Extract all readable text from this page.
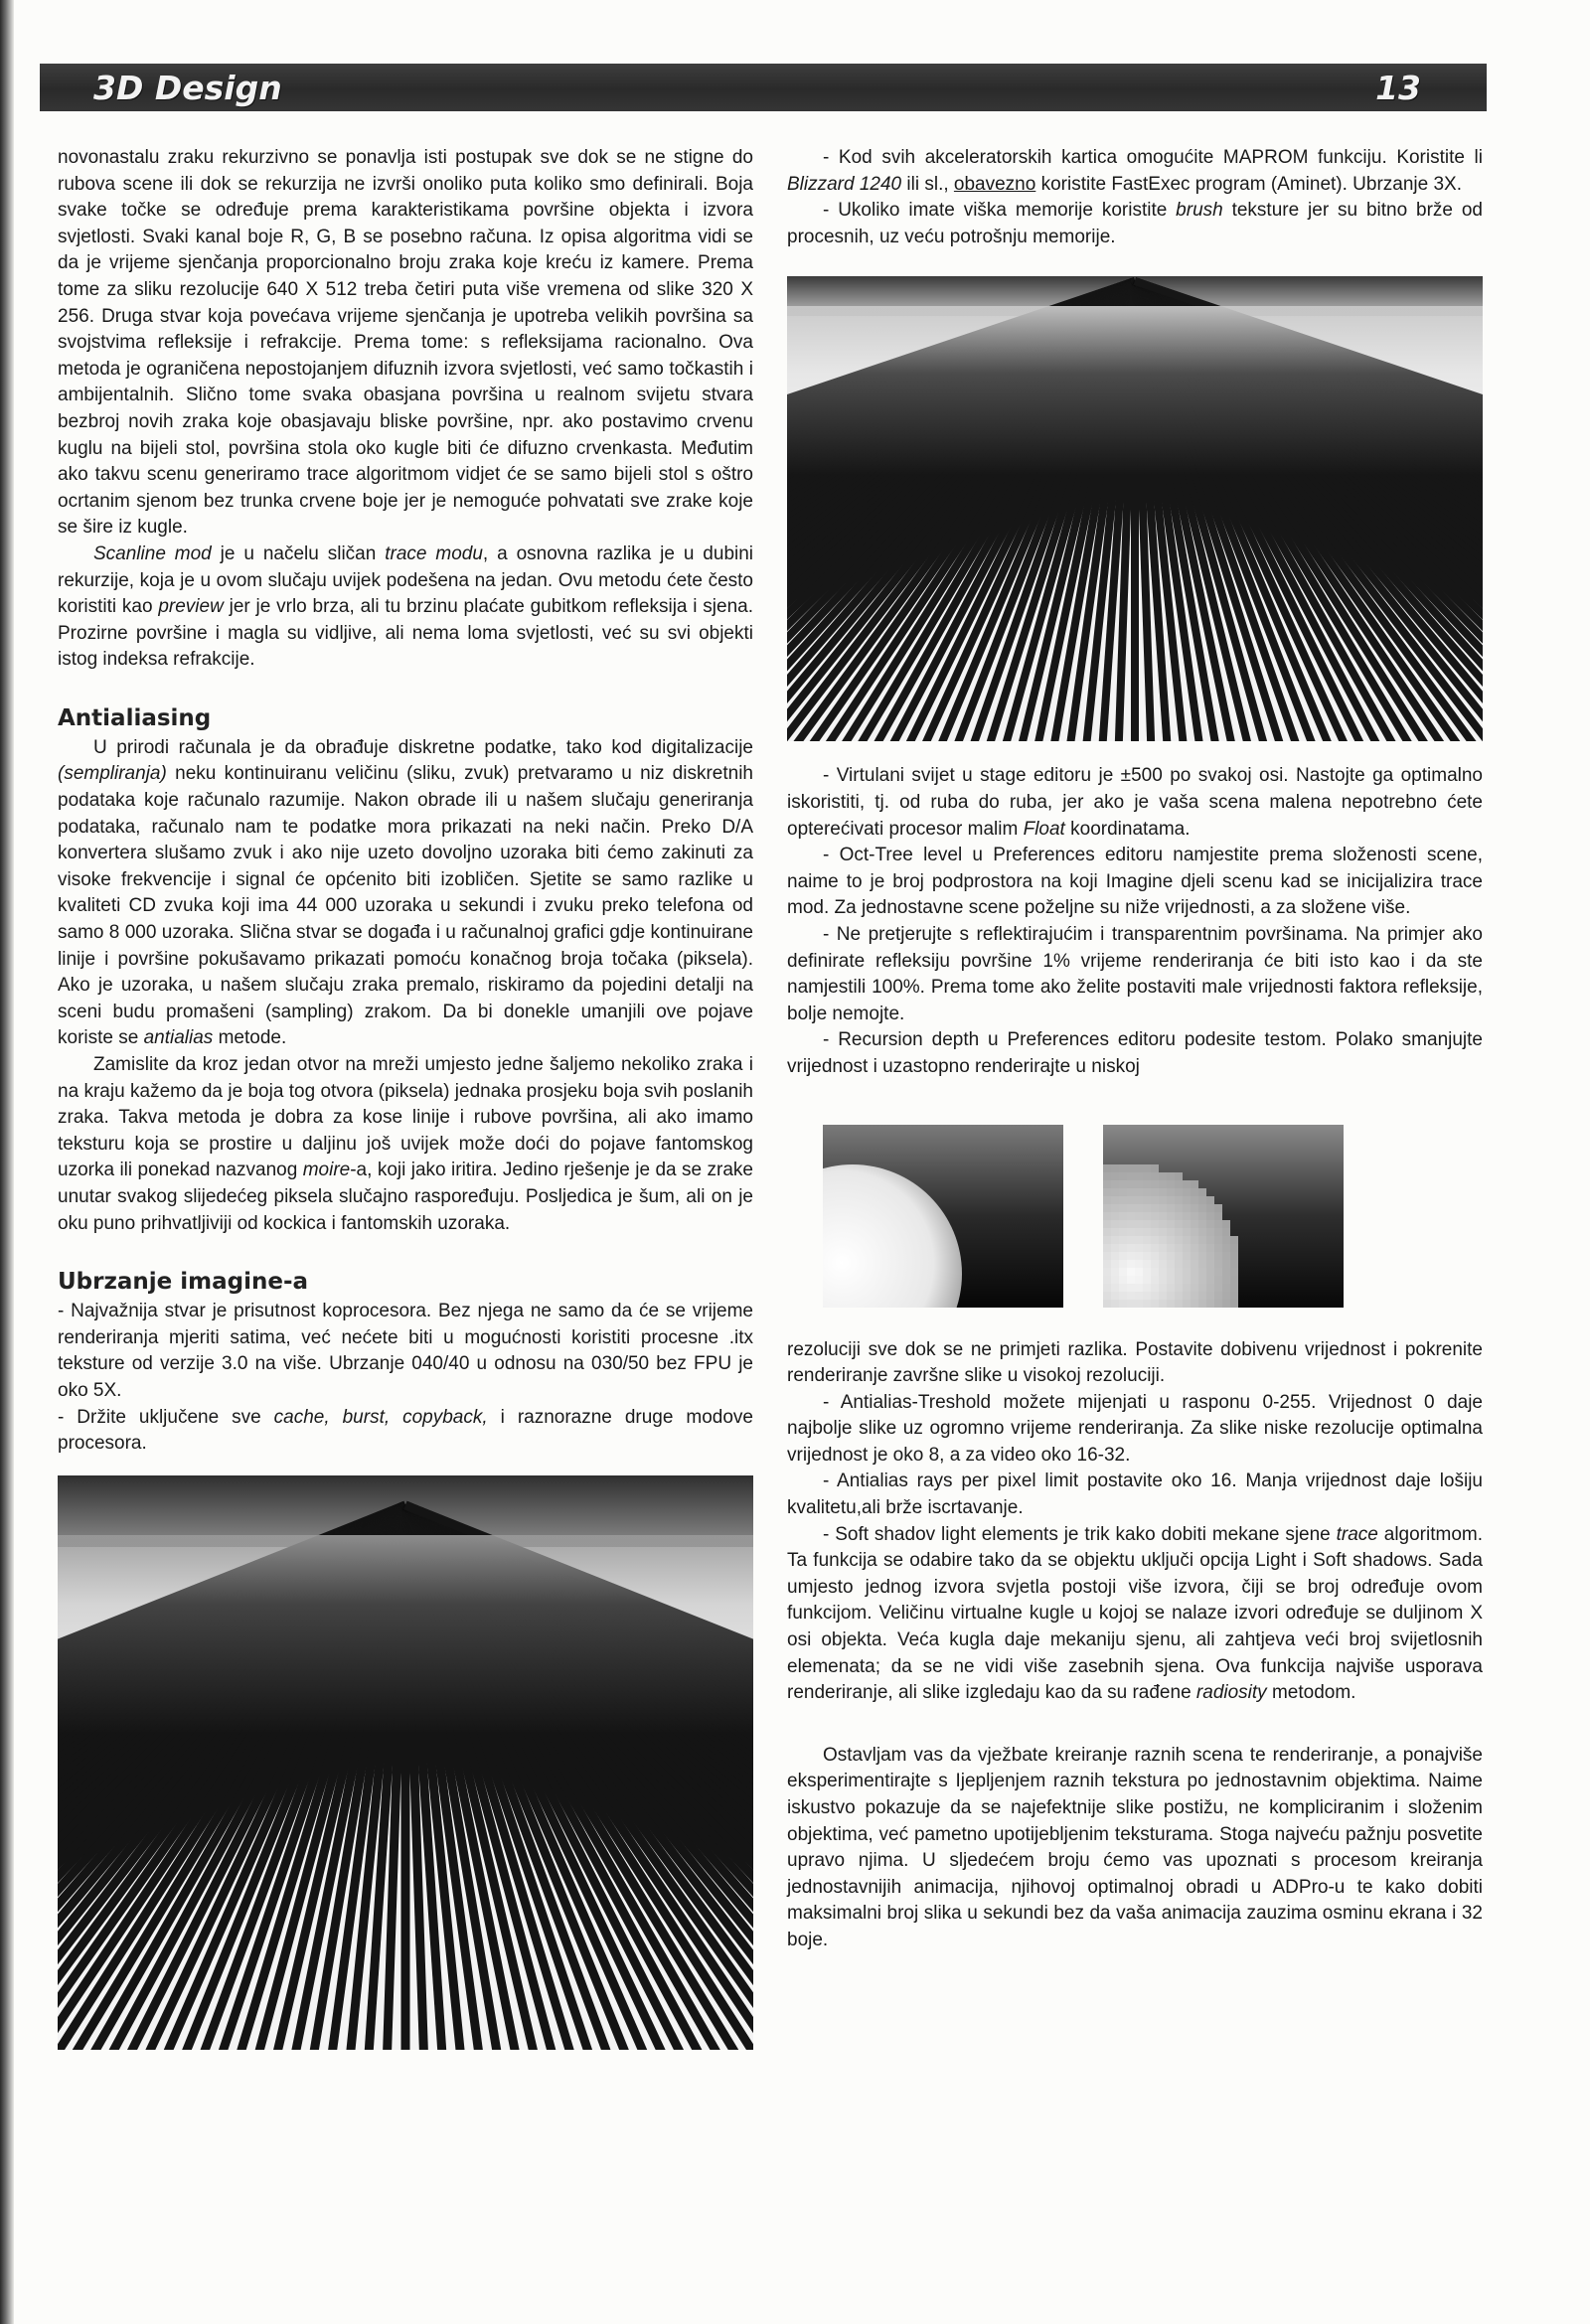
3D Design	13

novonastalu zraku rekurzivno se ponavlja isti postupak sve dok se ne stigne do rubova scene ili dok se rekurzija ne izvrši onoliko puta koliko smo definirali. Boja svake točke se određuje prema karakteristikama površine objekta i izvora svjetlosti. Svaki kanal boje R, G, B se posebno računa. Iz opisa algoritma vidi se da je vrijeme sjenčanja proporcionalno broju zraka koje kreću iz kamere. Prema tome za sliku rezolucije 640 X 512 treba četiri puta više vremena od slike 320 X 256. Druga stvar koja povećava vrijeme sjenčanja je upotreba velikih površina sa svojstvima refleksije i refrakcije. Prema tome: s refleksijama racionalno. Ova metoda je ograničena nepostojanjem difuznih izvora svjetlosti, već samo točkastih i ambijentalnih. Slično tome svaka obasjana površina u realnom svijetu stvara bezbroj novih zraka koje obasjavaju bliske površine, npr. ako postavimo crvenu kuglu na bijeli stol, površina stola oko kugle biti će difuzno crvenkasta. Međutim ako takvu scenu generiramo trace algoritmom vidjet će se samo bijeli stol s oštro ocrtanim sjenom bez trunka crvene boje jer je nemoguće pohvatati sve zrake koje se šire iz kugle.

Scanline mod je u načelu sličan trace modu, a osnovna razlika je u dubini rekurzije, koja je u ovom slučaju uvijek podešena na jedan. Ovu metodu ćete često koristiti kao preview jer je vrlo brza, ali tu brzinu plaćate gubitkom refleksija i sjena. Prozirne površine i magla su vidljive, ali nema loma svjetlosti, već su svi objekti istog indeksa refrakcije.

Antialiasing

U prirodi računala je da obrađuje diskretne podatke, tako kod digitalizacije (sempliranja) neku kontinuiranu veličinu (sliku, zvuk) pretvaramo u niz diskretnih podataka koje računalo razumije. Nakon obrade ili u našem slučaju generiranja podataka, računalo nam te podatke mora prikazati na neki način. Preko D/A konvertera slušamo zvuk i ako nije uzeto dovoljno uzoraka biti ćemo zakinuti za visoke frekvencije i signal će općenito biti izobličen. Sjetite se samo razlike u kvaliteti CD zvuka koji ima 44 000 uzoraka u sekundi i zvuku preko telefona od samo 8 000 uzoraka. Slična stvar se događa i u računalnoj grafici gdje kontinuirane linije i površine pokušavamo prikazati pomoću konačnog broja točaka (piksela). Ako je uzoraka, u našem slučaju zraka premalo, riskiramo da pojedini detalji na sceni budu promašeni (sampling) zrakom. Da bi donekle umanjili ove pojave koriste se antialias metode.

Zamislite da kroz jedan otvor na mreži umjesto jedne šaljemo nekoliko zraka i na kraju kažemo da je boja tog otvora (piksela) jednaka prosjeku boja svih poslanih zraka. Takva metoda je dobra za kose linije i rubove površina, ali ako imamo teksturu koja se prostire u daljinu još uvijek može doći do pojave fantomskog uzorka ili ponekad nazvanog moire-a, koji jako iritira. Jedino rješenje je da se zrake unutar svakog slijedećeg piksela slučajno raspoređuju. Posljedica je šum, ali on je oku puno prihvatljiviji od kockica i fantomskih uzoraka.

Ubrzanje imagine-a

- Najvažnija stvar je prisutnost koprocesora. Bez njega ne samo da će se vrijeme renderiranja mjeriti satima, već nećete biti u mogućnosti koristiti procesne .itx teksture od verzije 3.0 na više. Ubrzanje 040/40 u odnosu na 030/50 bez FPU je oko 5X.

- Držite uključene sve cache, burst, copyback, i raznorazne druge modove procesora.

- Kod svih akceleratorskih kartica omogućite MAPROM funkciju. Koristite li Blizzard 1240 ili sl., obavezno koristite FastExec program (Aminet). Ubrzanje 3X.

- Ukoliko imate viška memorije koristite brush teksture jer su bitno brže od procesnih, uz veću potrošnju memorije.

- Virtulani svijet u stage editoru je ±500 po svakoj osi. Nastojte ga optimalno iskoristiti, tj. od ruba do ruba, jer ako je vaša scena malena nepotrebno ćete opterećivati procesor malim Float koordinatama.

- Oct-Tree level u Preferences editoru namjestite prema složenosti scene, naime to je broj podprostora na koji Imagine djeli scenu kad se inicijalizira trace mod. Za jednostavne scene poželjne su niže vrijednosti, a za složene više.

- Ne pretjerujte s reflektirajućim i transparentnim površinama. Na primjer ako definirate refleksiju površine 1% vrijeme renderiranja će biti isto kao i da ste namjestili 100%. Prema tome ako želite postaviti male vrijednosti faktora refleksije, bolje nemojte.

- Recursion depth u Preferences editoru podesite testom. Polako smanjujte vrijednost i uzastopno renderirajte u niskoj

rezoluciji sve dok se ne primjeti razlika. Postavite dobivenu vrijednost i pokrenite renderiranje završne slike u visokoj rezoluciji.

- Antialias-Treshold možete mijenjati u rasponu 0-255. Vrijednost 0 daje najbolje slike uz ogromno vrijeme renderiranja. Za slike niske rezolucije optimalna vrijednost je oko 8, a za video oko 16-32.

- Antialias rays per pixel limit postavite oko 16. Manja vrijednost daje lošiju kvalitetu,ali brže iscrtavanje.

- Soft shadov light elements je trik kako dobiti mekane sjene trace algoritmom. Ta funkcija se odabire tako da se objektu uključi opcija Light i Soft shadows. Sada umjesto jednog izvora svjetla postoji više izvora, čiji se broj određuje ovom funkcijom. Veličinu virtualne kugle u kojoj se nalaze izvori određuje se duljinom X osi objekta. Veća kugla daje mekaniju sjenu, ali zahtjeva veći broj svijetlosnih elemenata; da se ne vidi više zasebnih sjena. Ova funkcija najviše usporava renderiranje, ali slike izgledaju kao da su rađene radiosity metodom.

Ostavljam vas da vježbate kreiranje raznih scena te renderiranje, a ponajviše eksperimentirajte s Ijepljenjem raznih tekstura po jednostavnim objektima. Naime iskustvo pokazuje da se najefektnije slike postižu, ne kompliciranim i složenim objektima, već pametno upotijebljenim teksturama. Stoga najveću pažnju posvetite upravo njima. U sljedećem broju ćemo vas upoznati s procesom kreiranja jednostavnijih animacija, njihovoj optimalnoj obradi u ADPro-u te kako dobiti maksimalni broj slika u sekundi bez da vaša animacija zauzima osminu ekrana i 32 boje.
